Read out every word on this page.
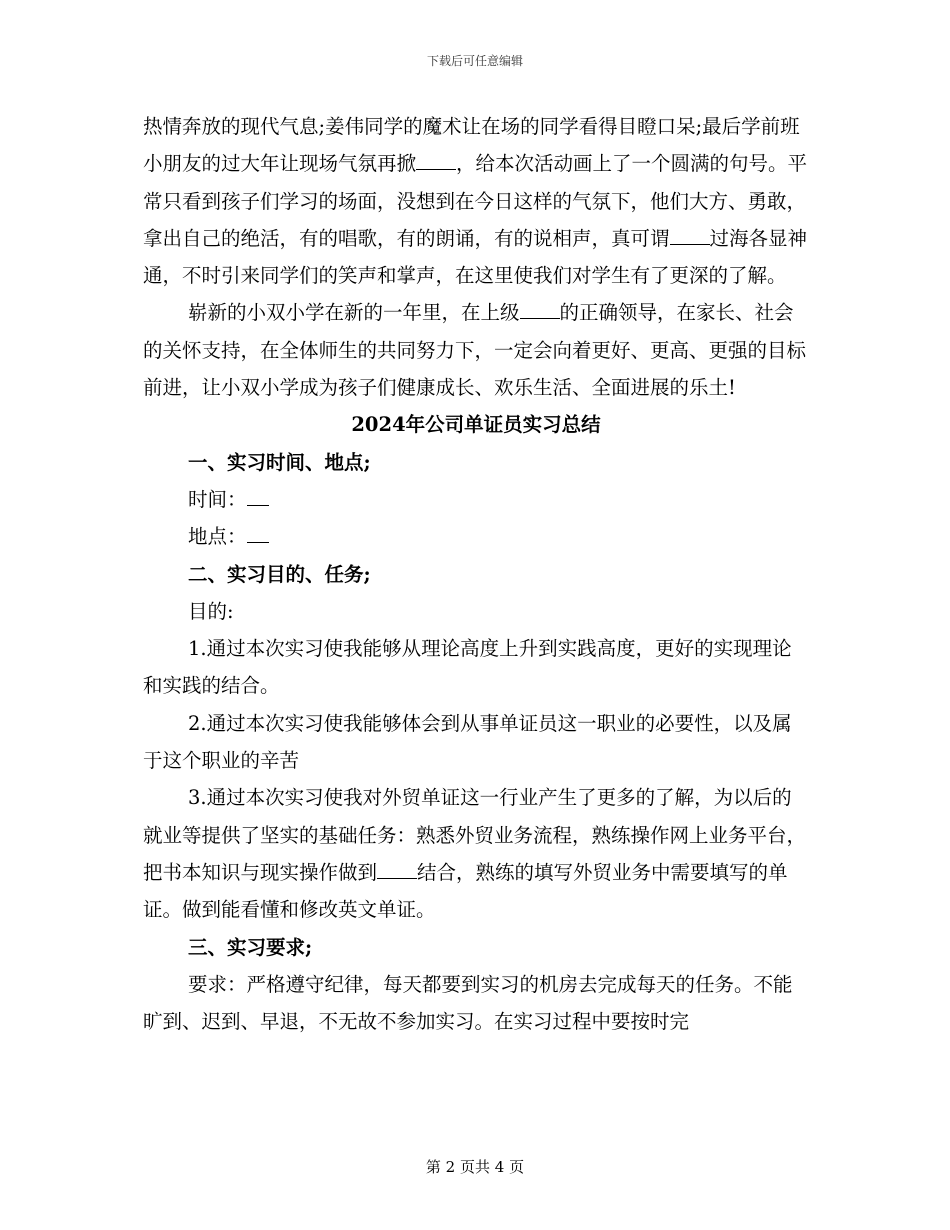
下载后可任意编辑

热情奔放的现代气息;姜伟同学的魔术让在场的同学看得目瞪口呆;最后学前班小朋友的过大年让现场气氛再掀 ，给本次活动画上了一个圆满的句号。平常只看到孩子们学习的场面，没想到在今日这样的气氛下，他们大方、勇敢，拿出自己的绝活，有的唱歌，有的朗诵，有的说相声，真可谓 过海各显神通，不时引来同学们的笑声和掌声，在这里使我们对学生有了更深的了解。

崭新的小双小学在新的一年里，在上级 的正确领导，在家长、社会的关怀支持，在全体师生的共同努力下，一定会向着更好、更高、更强的目标前进，让小双小学成为孩子们健康成长、欢乐生活、全面进展的乐土!

2024年公司单证员实习总结

一、实习时间、地点;

时间：

地点：

二、实习目的、任务;

目的:

1.通过本次实习使我能够从理论高度上升到实践高度，更好的实现理论和实践的结合。

2.通过本次实习使我能够体会到从事单证员这一职业的必要性，以及属于这个职业的辛苦

3.通过本次实习使我对外贸单证这一行业产生了更多的了解，为以后的就业等提供了坚实的基础任务：熟悉外贸业务流程，熟练操作网上业务平台，把书本知识与现实操作做到 结合，熟练的填写外贸业务中需要填写的单证。做到能看懂和修改英文单证。

三、实习要求;

要求：严格遵守纪律，每天都要到实习的机房去完成每天的任务。不能旷到、迟到、早退，不无故不参加实习。在实习过程中要按时完

第 2 页共 4 页
